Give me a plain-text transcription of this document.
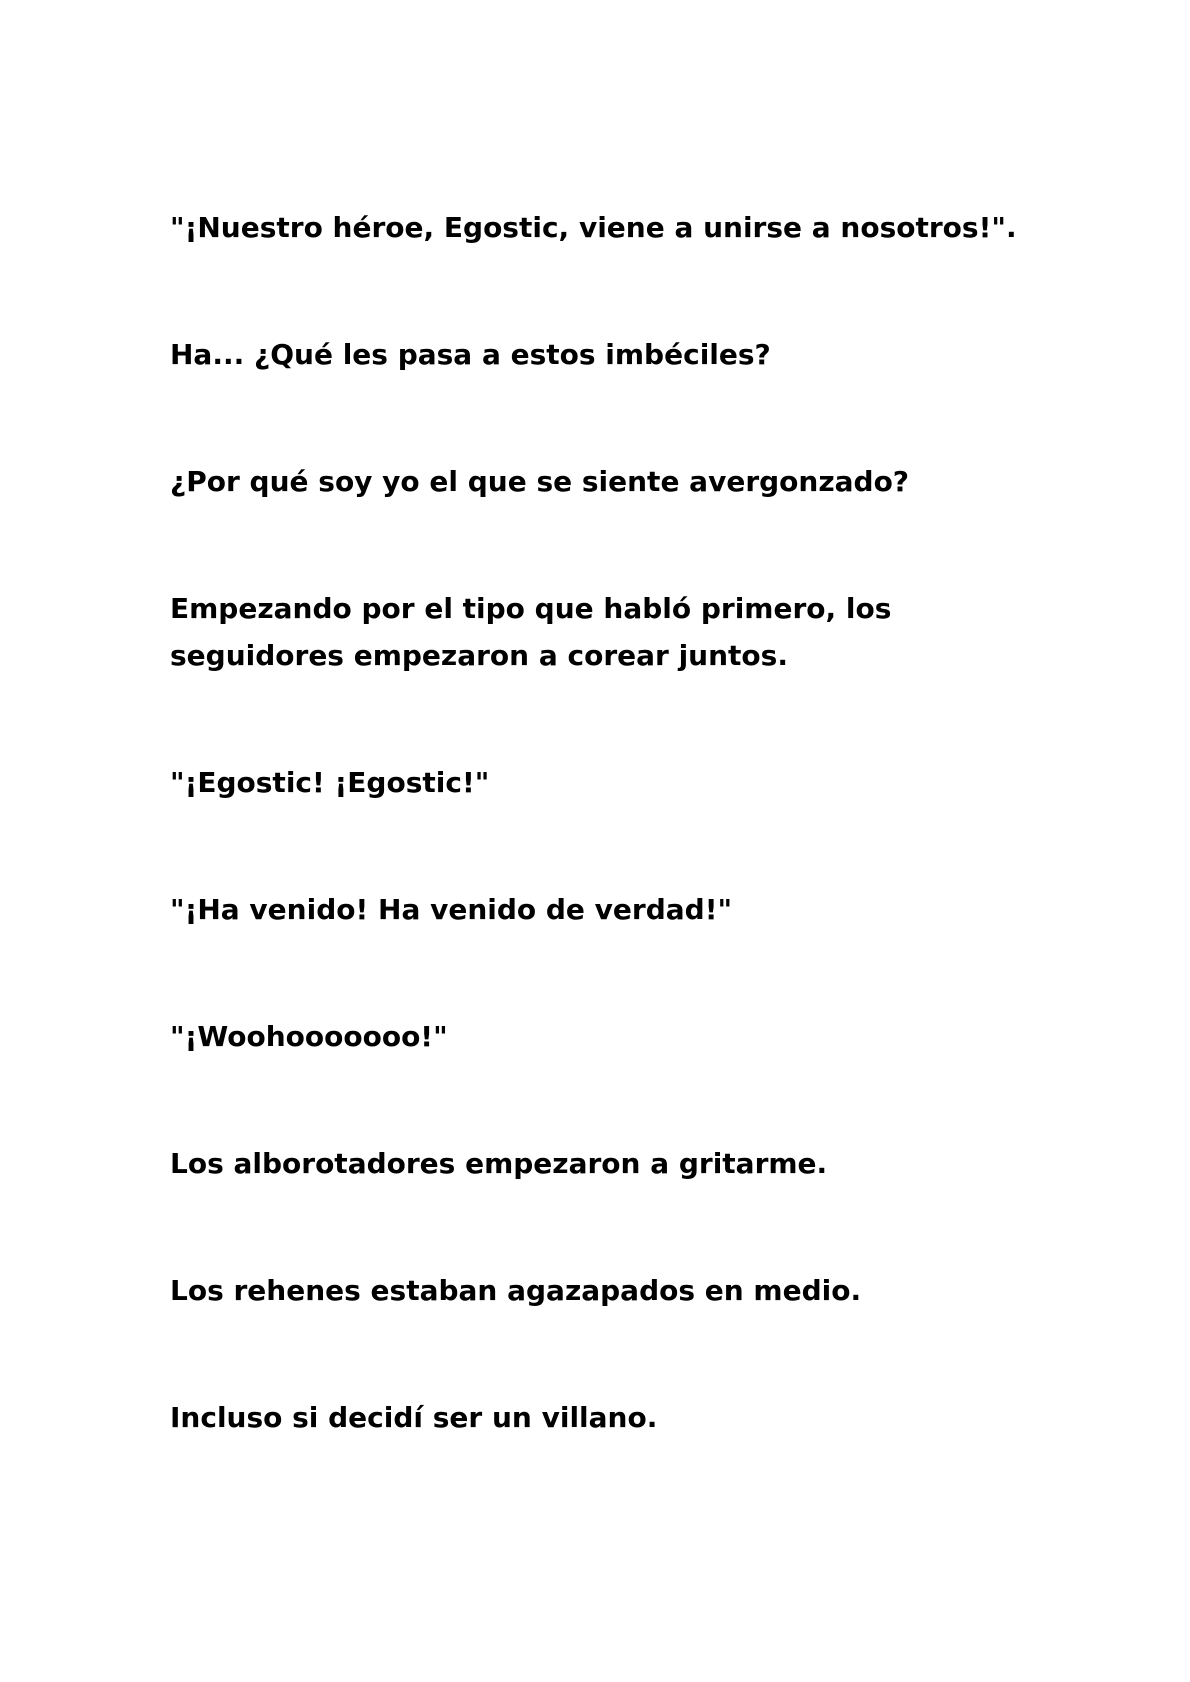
"¡Nuestro héroe, Egostic, viene a unirse a nosotros!".

Ha... ¿Qué les pasa a estos imbéciles?

¿Por qué soy yo el que se siente avergonzado?

Empezando por el tipo que habló primero, los seguidores empezaron a corear juntos.

"¡Egostic! ¡Egostic!"

"¡Ha venido! Ha venido de verdad!"

"¡Woohooooooo!"

Los alborotadores empezaron a gritarme.

Los rehenes estaban agazapados en medio.

Incluso si decidí ser un villano.
